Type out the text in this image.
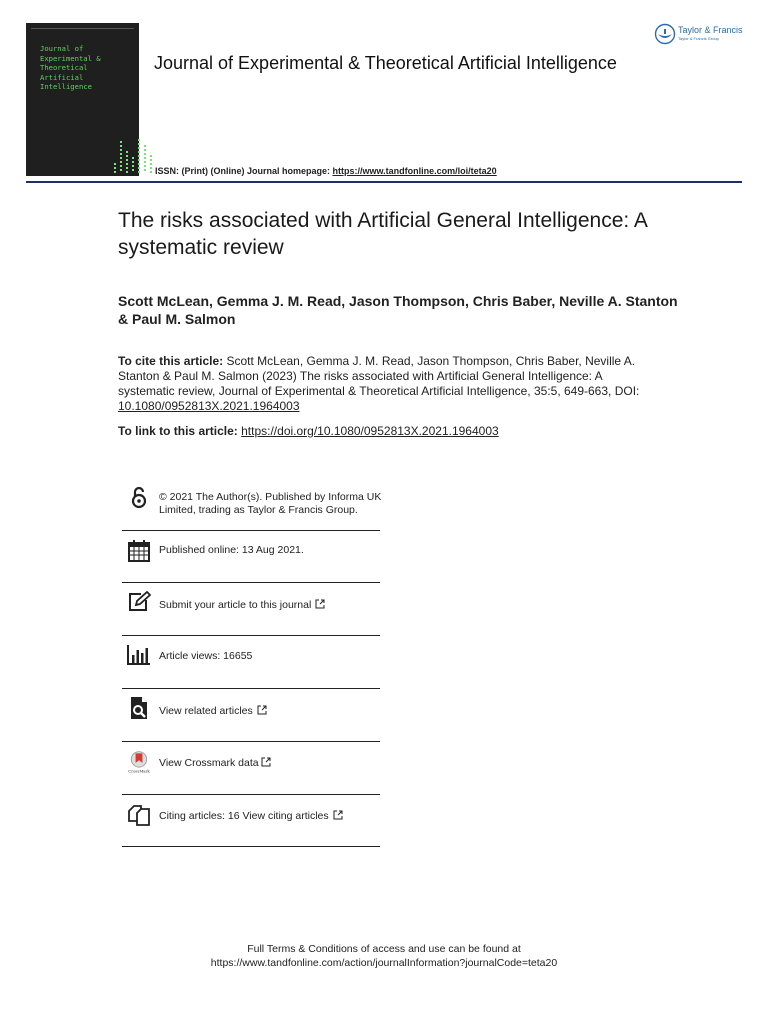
Journal of
Experimental &
Theoretical
Artificial
Intelligence
Journal of Experimental & Theoretical Artificial Intelligence
Taylor & Francis
Taylor & Francis Group
ISSN: (Print) (Online) Journal homepage: https://www.tandfonline.com/loi/teta20
The risks associated with Artificial General Intelligence: A systematic review
Scott McLean, Gemma J. M. Read, Jason Thompson, Chris Baber, Neville A. Stanton & Paul M. Salmon
To cite this article: Scott McLean, Gemma J. M. Read, Jason Thompson, Chris Baber, Neville A. Stanton & Paul M. Salmon (2023) The risks associated with Artificial General Intelligence: A systematic review, Journal of Experimental & Theoretical Artificial Intelligence, 35:5, 649-663, DOI: 10.1080/0952813X.2021.1964003
To link to this article: https://doi.org/10.1080/0952813X.2021.1964003
© 2021 The Author(s). Published by Informa UK Limited, trading as Taylor & Francis Group.
Published online: 13 Aug 2021.
Submit your article to this journal
Article views: 16655
View related articles
CrossMark
View Crossmark data
Citing articles: 16 View citing articles
Full Terms & Conditions of access and use can be found at
https://www.tandfonline.com/action/journalInformation?journalCode=teta20
